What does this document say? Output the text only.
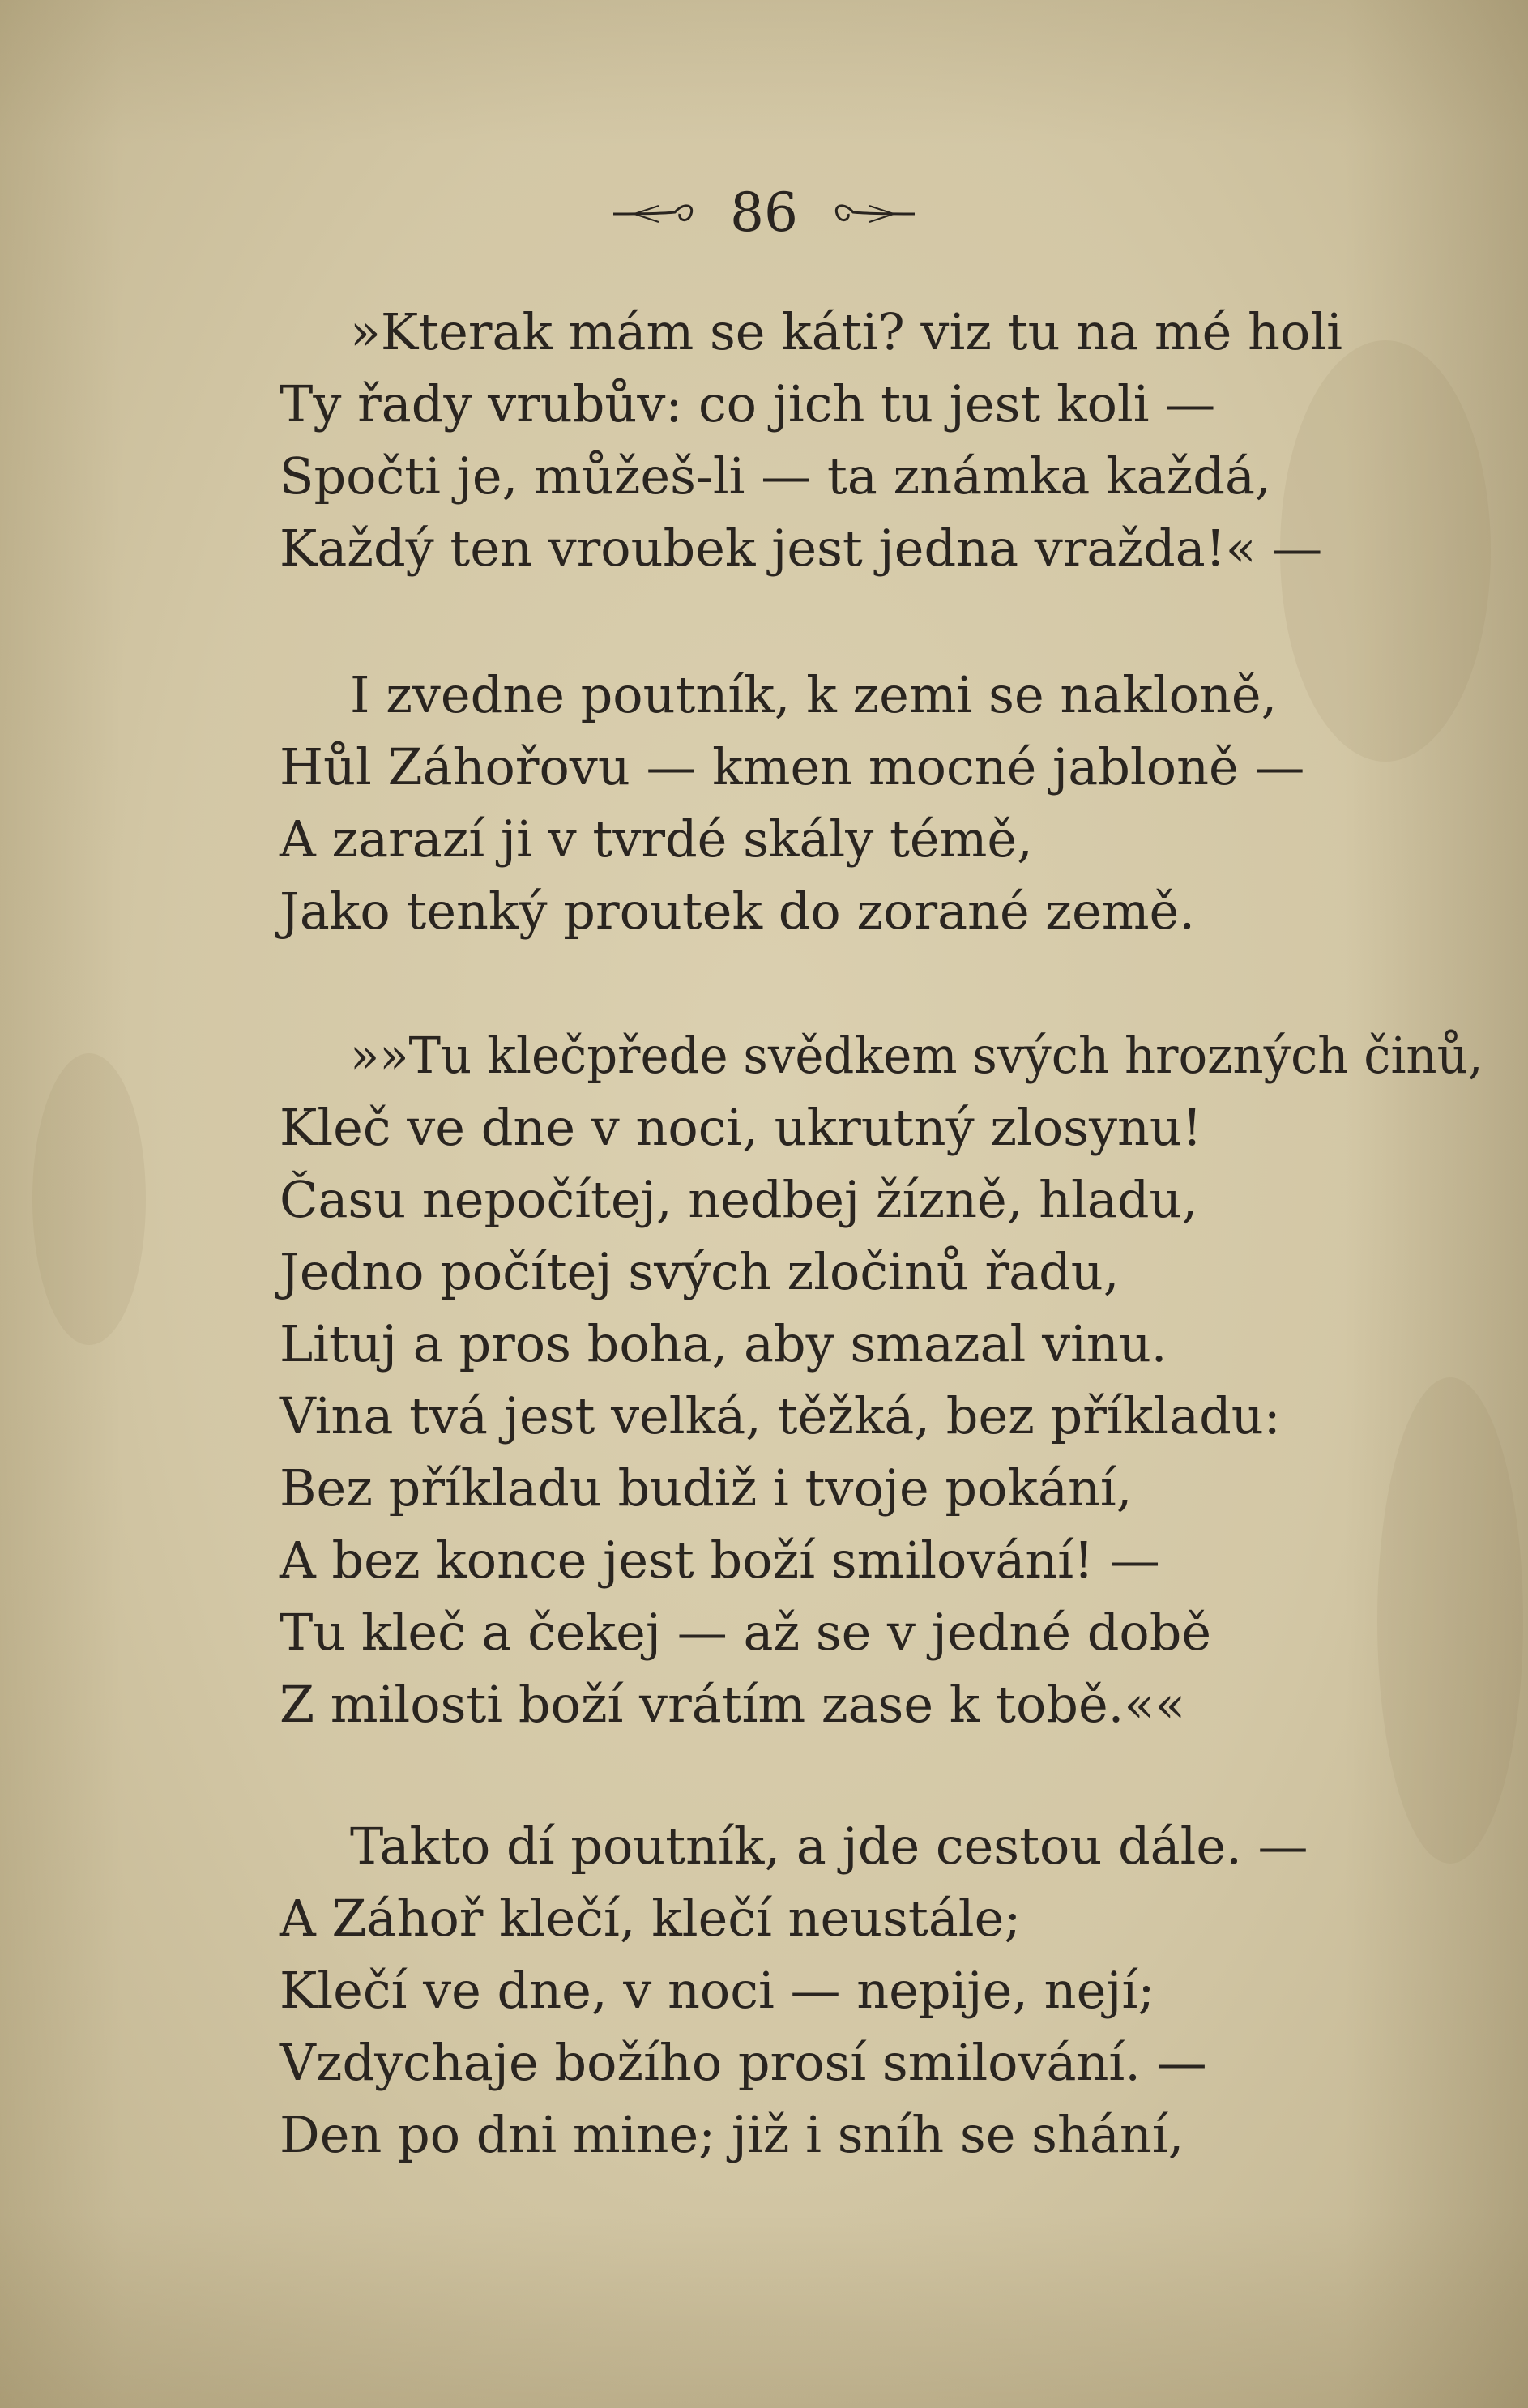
86
»Kterak mám se káti? viz tu na mé holi
Ty řady vrubův: co jich tu jest koli —
Spočti je, můžeš-li — ta známka každá,
Každý ten vroubek jest jedna vražda!« —
I zvedne poutník, k zemi se nakloně,
Hůl Záhořovu — kmen mocné jabloně —
A zarazí ji v tvrdé skály témě,
Jako tenký proutek do zorané země.
»»Tu klečpřede svědkem svých hrozných činů,
Kleč ve dne v noci, ukrutný zlosynu!
Času nepočítej, nedbej žízně, hladu,
Jedno počítej svých zločinů řadu,
Lituj a pros boha, aby smazal vinu.
Vina tvá jest velká, těžká, bez příkladu:
Bez příkladu budiž i tvoje pokání,
A bez konce jest boží smilování! —
Tu kleč a čekej — až se v jedné době
Z milosti boží vrátím zase k tobě.««
Takto dí poutník, a jde cestou dále. —
A Záhoř klečí, klečí neustále;
Klečí ve dne, v noci — nepije, nejí;
Vzdychaje božího prosí smilování. —
Den po dni mine; již i sníh se shání,
